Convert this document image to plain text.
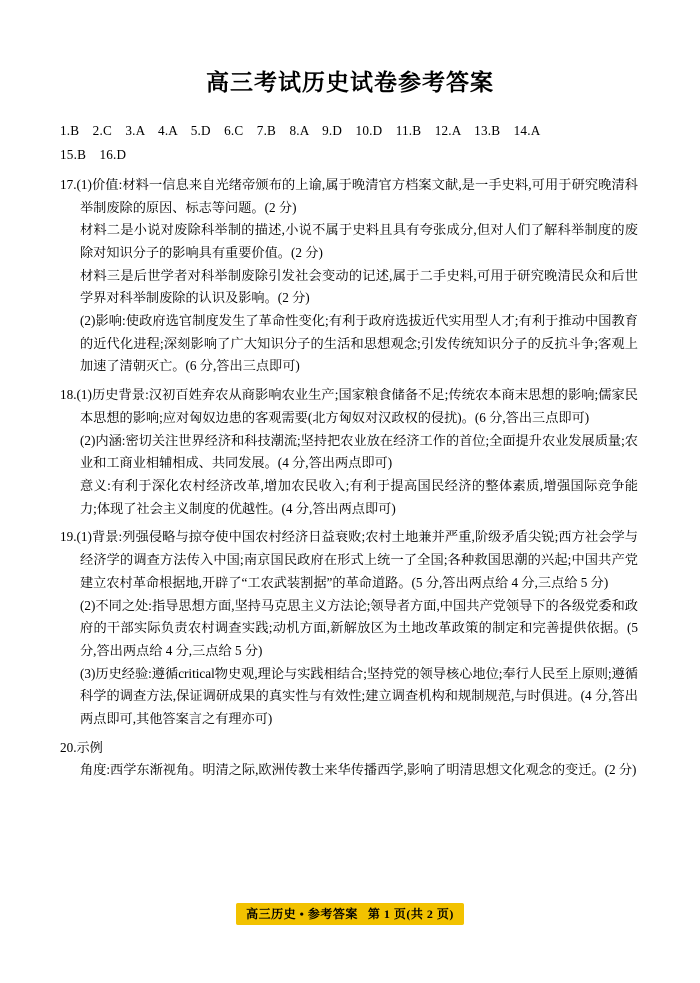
高三考试历史试卷参考答案
1.B　2.C　3.A　4.A　5.D　6.C　7.B　8.A　9.D　10.D　11.B　12.A　13.B　14.A
15.B　16.D
17.(1)价值:材料一信息来自光绪帝颁布的上谕,属于晚清官方档案文献,是一手史料,可用于研究晚清科举制废除的原因、标志等问题。(2 分)
材料二是小说对废除科举制的描述,小说不属于史料且具有夸张成分,但对人们了解科举制度的废除对知识分子的影响具有重要价值。(2 分)
材料三是后世学者对科举制废除引发社会变动的记述,属于二手史料,可用于研究晚清民众和后世学界对科举制废除的认识及影响。(2 分)
(2)影响:使政府选官制度发生了革命性变化;有利于政府选拔近代实用型人才;有利于推动中国教育的近代化进程;深刻影响了广大知识分子的生活和思想观念;引发传统知识分子的反抗斗争;客观上加速了清朝灭亡。(6 分,答出三点即可)
18.(1)历史背景:汉初百姓弃农从商影响农业生产;国家粮食储备不足;传统农本商末思想的影响;儒家民本思想的影响;应对匈奴边患的客观需要(北方匈奴对汉政权的侵扰)。(6 分,答出三点即可)
(2)内涵:密切关注世界经济和科技潮流;坚持把农业放在经济工作的首位;全面提升农业发展质量;农业和工商业相辅相成、共同发展。(4 分,答出两点即可)
意义:有利于深化农村经济改革,增加农民收入;有利于提高国民经济的整体素质,增强国际竞争能力;体现了社会主义制度的优越性。(4 分,答出两点即可)
19.(1)背景:列强侵略与掠夺使中国农村经济日益衰败;农村土地兼并严重,阶级矛盾尖锐;西方社会学与经济学的调查方法传入中国;南京国民政府在形式上统一了全国;各种救国思潮的兴起;中国共产党建立农村革命根据地,开辟了“工农武装割据”的革命道路。(5 分,答出两点给 4 分,三点给 5 分)
(2)不同之处:指导思想方面,坚持马克思主义方法论;领导者方面,中国共产党领导下的各级党委和政府的干部实际负责农村调查实践;动机方面,新解放区为土地改革政策的制定和完善提供依据。(5 分,答出两点给 4 分,三点给 5 分)
(3)历史经验:遵循critical物史观,理论与实践相结合;坚持党的领导核心地位;奉行人民至上原则;遵循科学的调查方法,保证调研成果的真实性与有效性;建立调查机构和规制规范,与时俱进。(4 分,答出两点即可,其他答案言之有理亦可)
20.示例
角度:西学东渐视角。明清之际,欧洲传教士来华传播西学,影响了明清思想文化观念的变迁。(2 分)
高三历史 • 参考答案 第 1 页(共 2 页)
